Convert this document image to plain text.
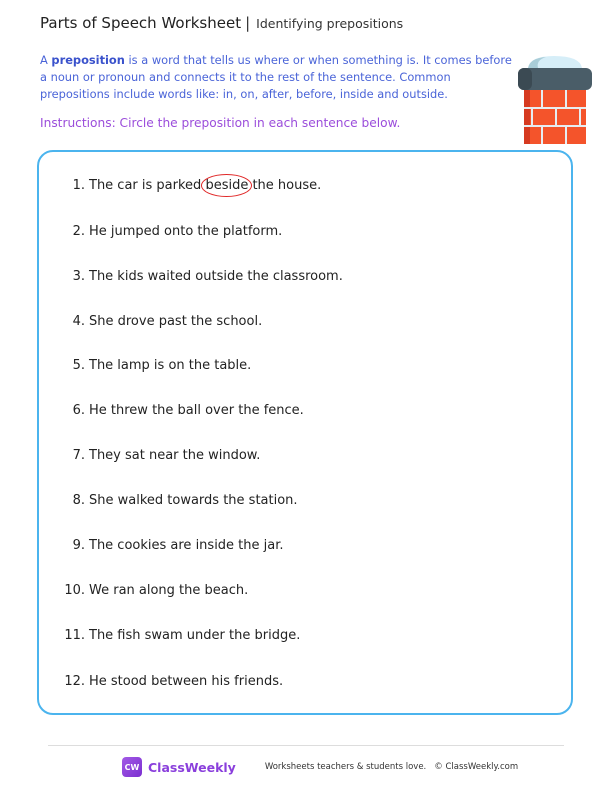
Parts of Speech Worksheet | Identifying prepositions
A preposition is a word that tells us where or when something is. It comes before a noun or pronoun and connects it to the rest of the sentence. Common prepositions include words like: in, on, after, before, inside and outside.
Instructions: Circle the preposition in each sentence below.
1. The car is parked beside the house.
2. He jumped onto the platform.
3. The kids waited outside the classroom.
4. She drove past the school.
5. The lamp is on the table.
6. He threw the ball over the fence.
7. They sat near the window.
8. She walked towards the station.
9. The cookies are inside the jar.
10. We ran along the beach.
11. The fish swam under the bridge.
12. He stood between his friends.
CW ClassWeekly	Worksheets teachers & students love. © ClassWeekly.com
